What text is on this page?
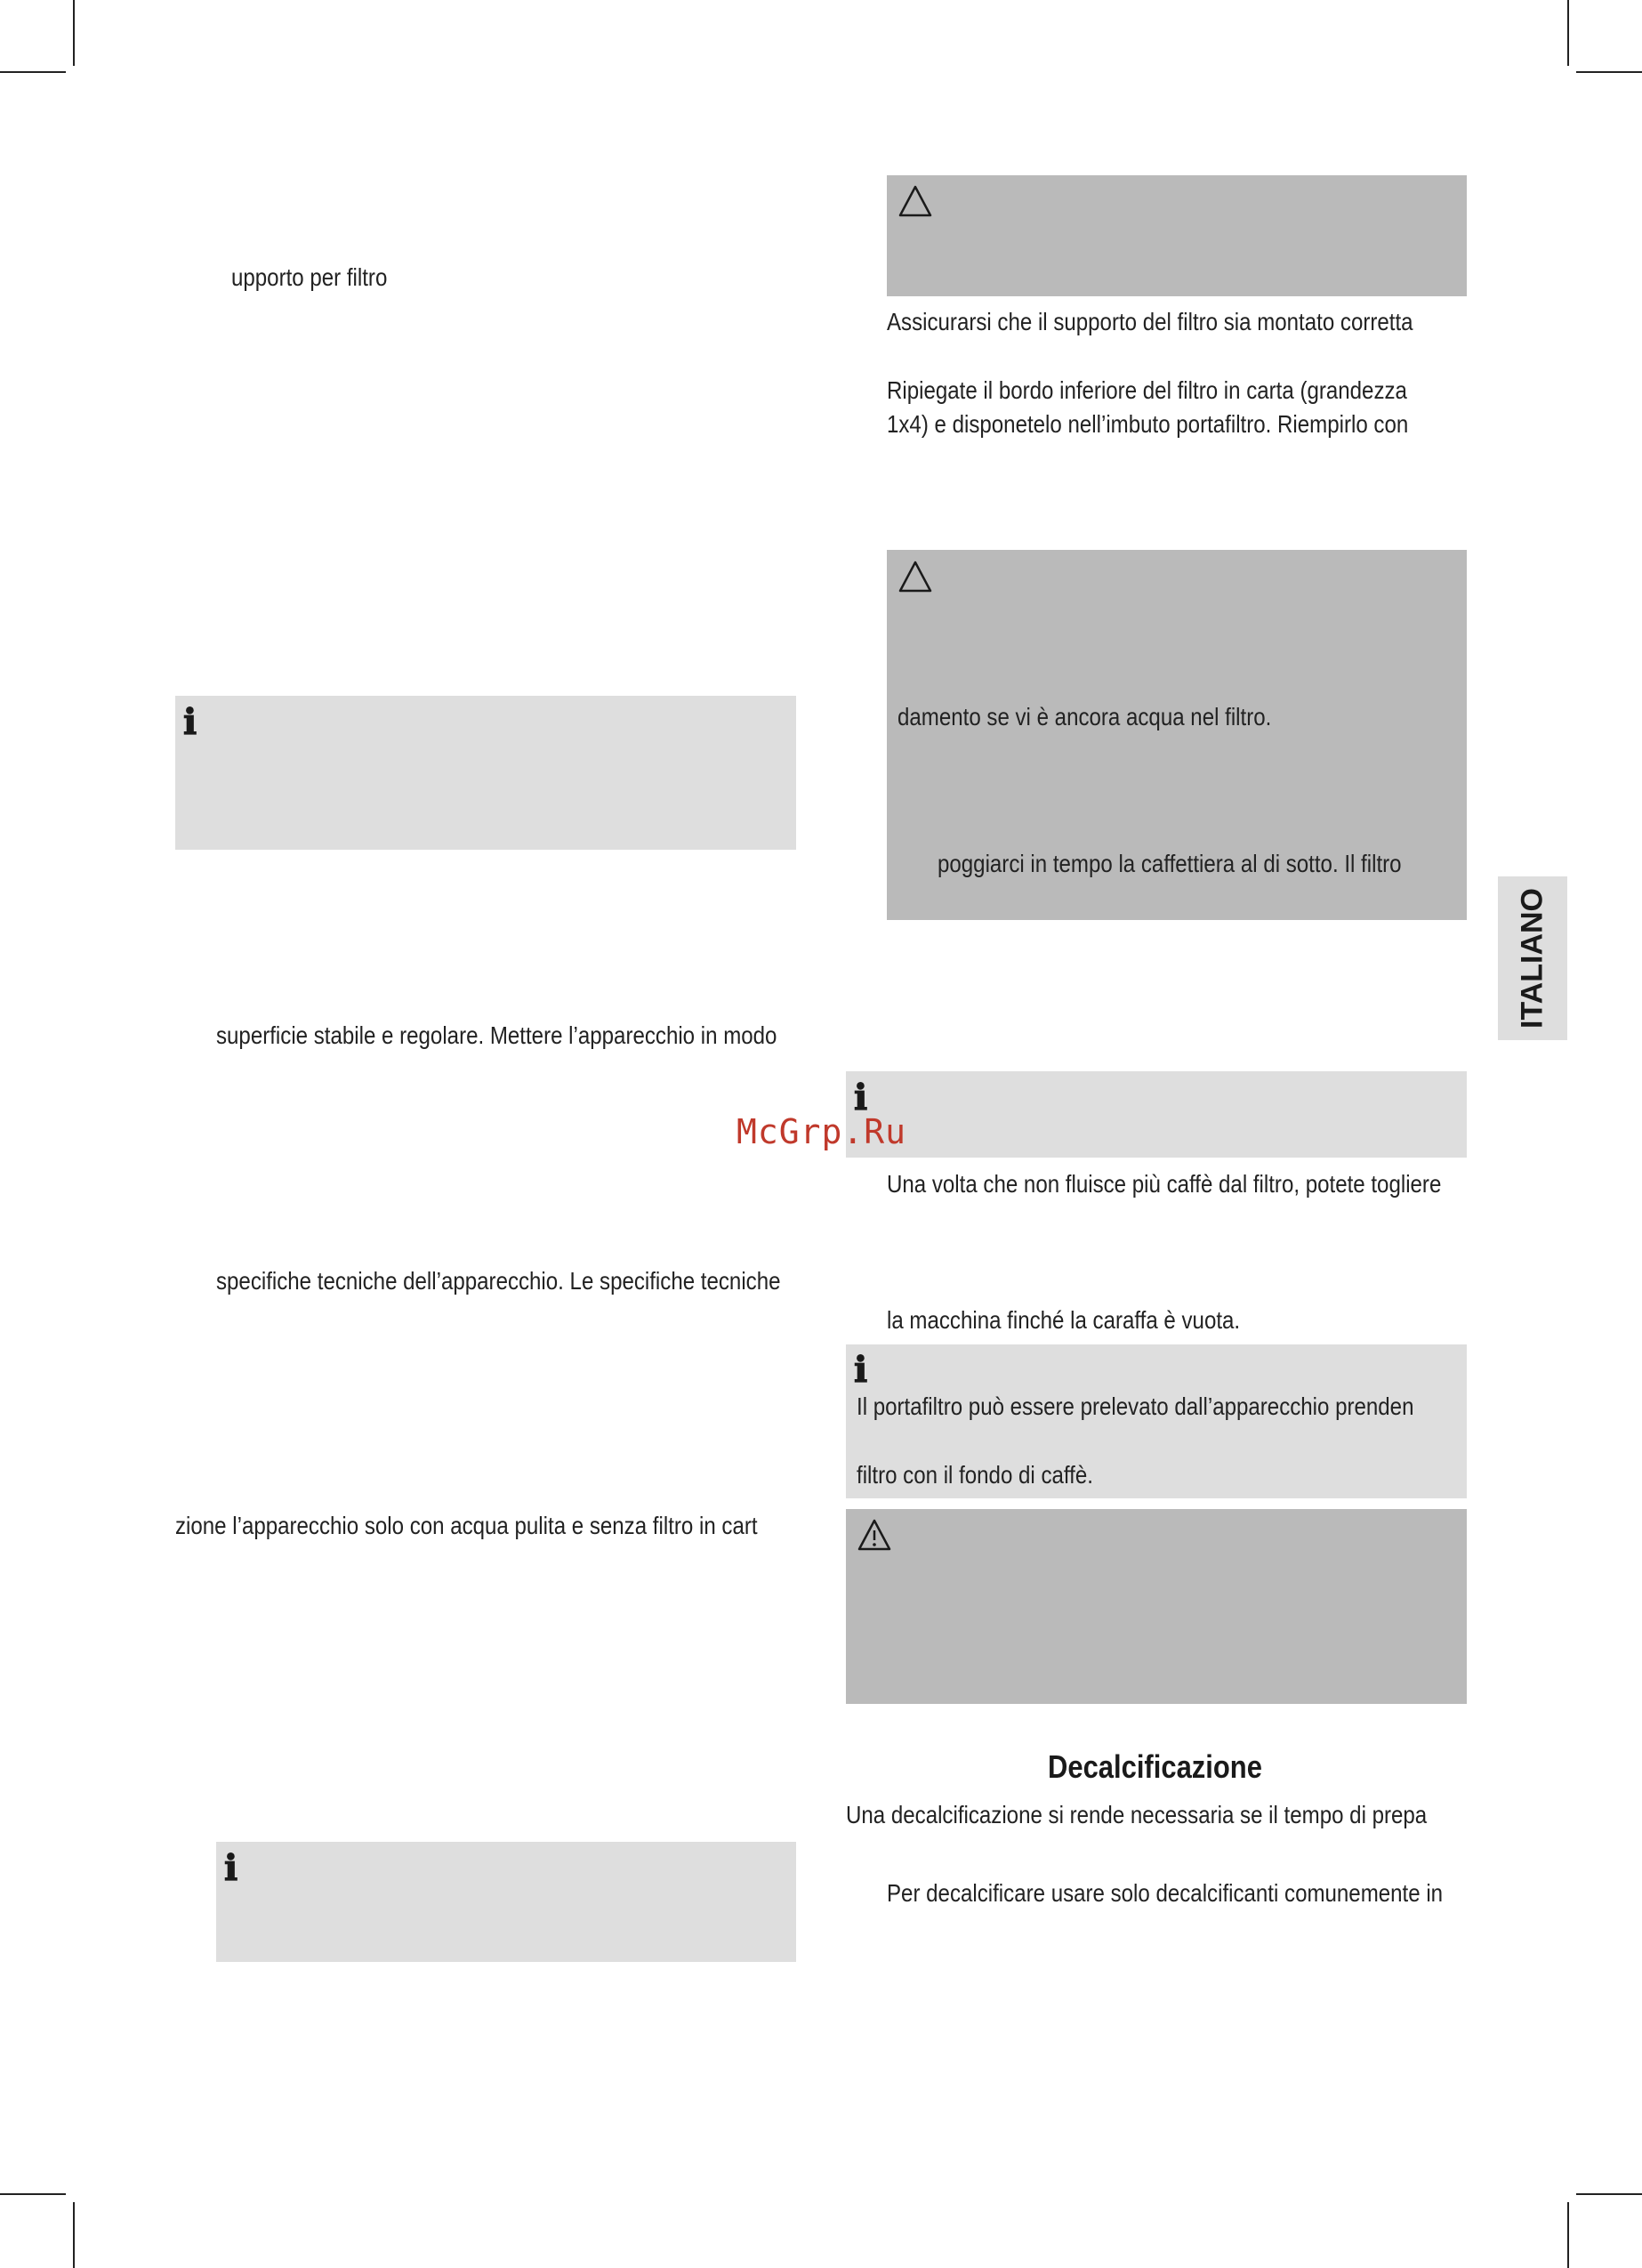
upporto per filtro
ℹ
superficie stabile e regolare. Mettere l’apparecchio in modo
specifiche tecniche dell’apparecchio. Le specifiche tecniche
zione l’apparecchio solo con acqua pulita e senza filtro in cart
ℹ
Assicurarsi che il supporto del filtro sia montato corretta
Ripiegate il bordo inferiore del filtro in carta (grandezza
1x4) e disponetelo nell’imbuto portafiltro. Riempirlo con
damento se vi è ancora acqua nel filtro.
poggiarci in tempo la caffettiera al di sotto. Il filtro
ℹ
Una volta che non fluisce più caffè dal filtro, potete togliere
la macchina finché la caraffa è vuota.
ℹ
Il portafiltro può essere prelevato dall’apparecchio prenden
filtro con il fondo di caffè.
Decalcificazione
Una decalcificazione si rende necessaria se il tempo di prepa
Per decalcificare usare solo decalcificanti comunemente in
ITALIANO
McGrp.Ru
